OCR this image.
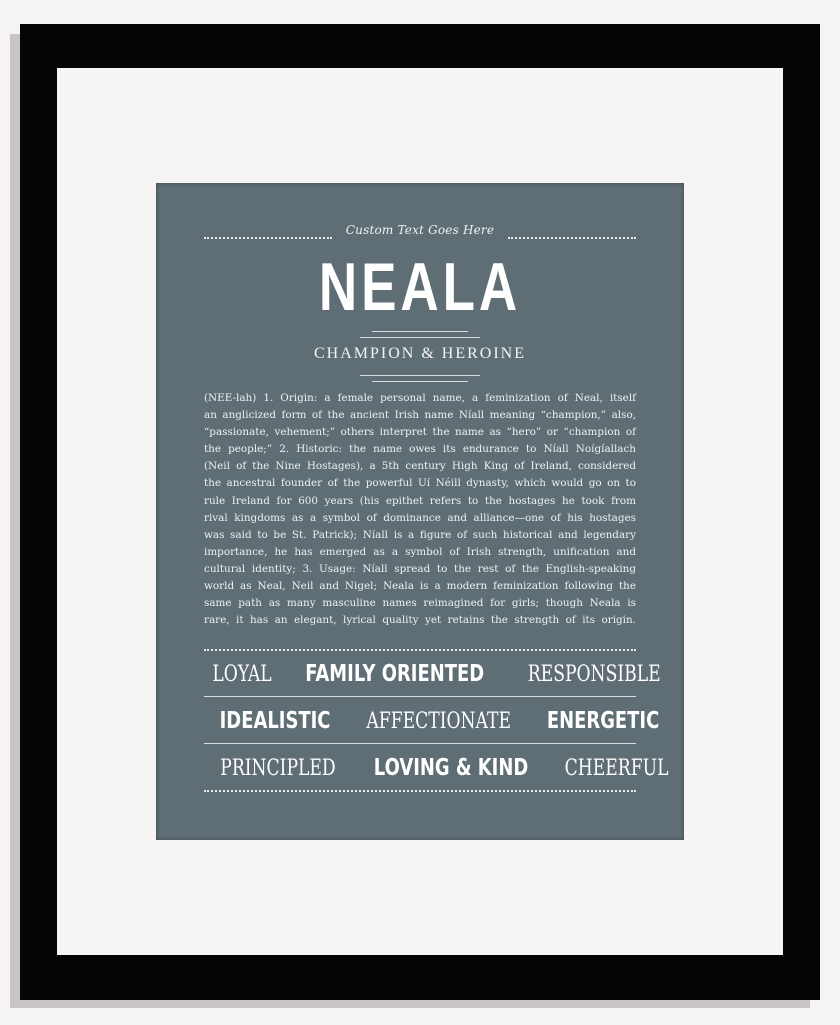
Custom Text Goes Here
NEALA
CHAMPION & HEROINE

(NEE-lah) 1. Origin: a female personal name, a feminization of Neal, itself

an anglicized form of the ancient Irish name Níall meaning “champion,” also,

“passionate, vehement;” others interpret the name as “hero” or “champion of

the people;” 2. Historic: the name owes its endurance to Níall Noígíallach

(Neil of the Nine Hostages), a 5th century High King of Ireland, considered

the ancestral founder of the powerful Uí Néill dynasty, which would go on to

rule Ireland for 600 years (his epithet refers to the hostages he took from

rival kingdoms as a symbol of dominance and alliance—one of his hostages

was said to be St. Patrick); Níall is a figure of such historical and legendary

importance, he has emerged as a symbol of Irish strength, unification and

cultural identity; 3. Usage: Níall spread to the rest of the English-speaking

world as Neal, Neil and Nigel; Neala is a modern feminization following the

same path as many masculine names reimagined for girls; though Neala is

rare, it has an elegant, lyrical quality yet retains the strength of its origin.

LOYAL FAMILY ORIENTED RESPONSIBLE
IDEALISTIC AFFECTIONATE ENERGETIC
PRINCIPLED LOVING & KIND CHEERFUL
